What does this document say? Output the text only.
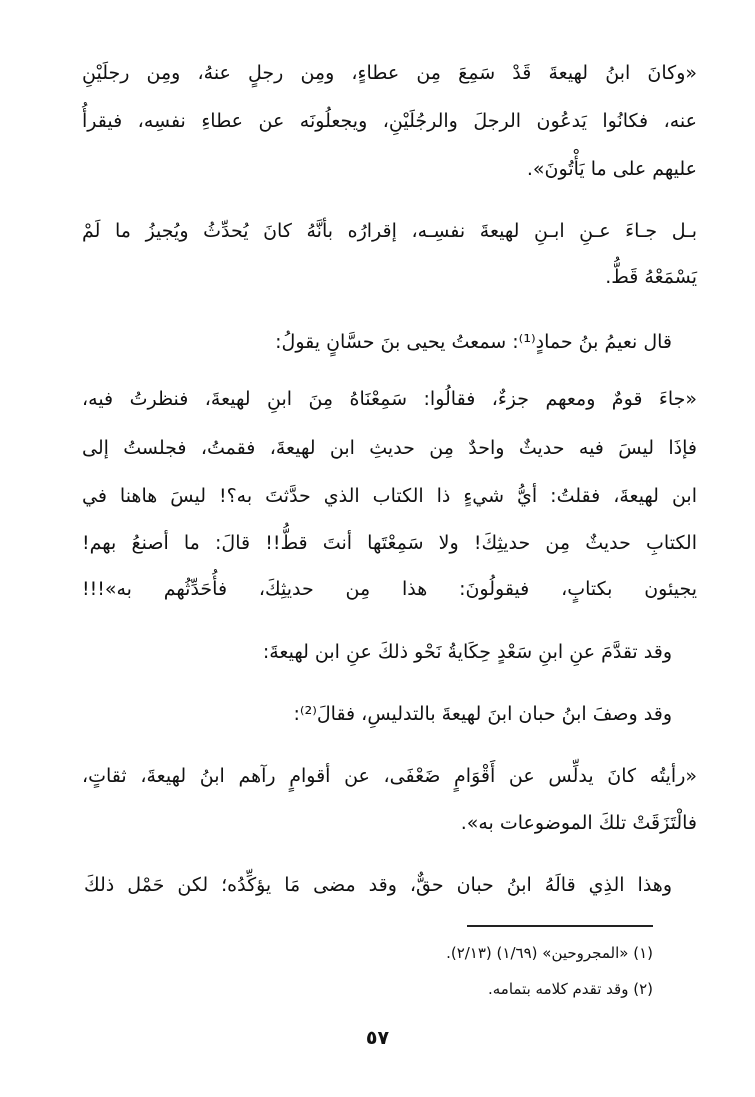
«وكانَ ابنُ لهيعةَ قَدْ سَمِعَ مِن عطاءٍ، ومِن رجلٍ عنهُ، ومِن رجلَيْنِ
عنه، فكانُوا يَدعُون الرجلَ والرجُلَيْنِ، ويجعلُونَه عن عطاءِ نفسِه، فيقرأُ
عليهم على ما يَأْتُونَ».
بـل جـاءَ عـنِ ابـنِ لهيعةَ نفسِـه، إقرارُه بأنَّهُ كانَ يُحدِّثُ ويُجيزُ ما لَمْ
يَسْمَعْهُ قَطُّ.
قال نعيمُ بنُ حمادٍ⁽¹⁾: سمعتُ يحيى بنَ حسَّانٍ يقولُ:
«جاءَ قومٌ ومعهم جزءٌ، فقالُوا: سَمِعْنَاهُ مِنَ ابنِ لهيعةَ، فنظرتُ فيه،
فإذَا ليسَ فيه حديثٌ واحدٌ مِن حديثِ ابن لهيعةَ، فقمتُ، فجلستُ إلى
ابن لهيعةَ، فقلتُ: أيُّ شيءٍ ذا الكتاب الذي حدَّثتَ به؟! ليسَ هاهنا في
الكتابِ حديثٌ مِن حديثِكَ! ولا سَمِعْتَها أنتَ قطُّ!! قالَ: ما أصنعُ بهم!
يجيئون بكتابٍ، فيقولُونَ: هذا مِن حديثِكَ، فأُحَدِّثُهم به»!!!
وقد تقدَّمَ عنِ ابنِ سَعْدٍ حِكَايةُ نَحْو ذلكَ عنِ ابن لهيعةَ:
وقد وصفَ ابنُ حبان ابنَ لهيعةَ بالتدليسِ، فقالَ⁽²⁾:
«رأيتُه كانَ يدلِّس عن أَقْوَامٍ ضَعْفَى، عن أقوامٍ رآهم ابنُ لهيعةَ، ثقاتٍ،
فالْتَزَقَتْ تلكَ الموضوعات به».
وهذا الذِي قالَهُ ابنُ حبان حقٌّ، وقد مضى مَا يؤكِّدُه؛ لكن حَمْل ذلكَ
(١) «المجروحين» (١/٦٩) (٢/١٣).
(٢) وقد تقدم كلامه بتمامه.
٥٧
